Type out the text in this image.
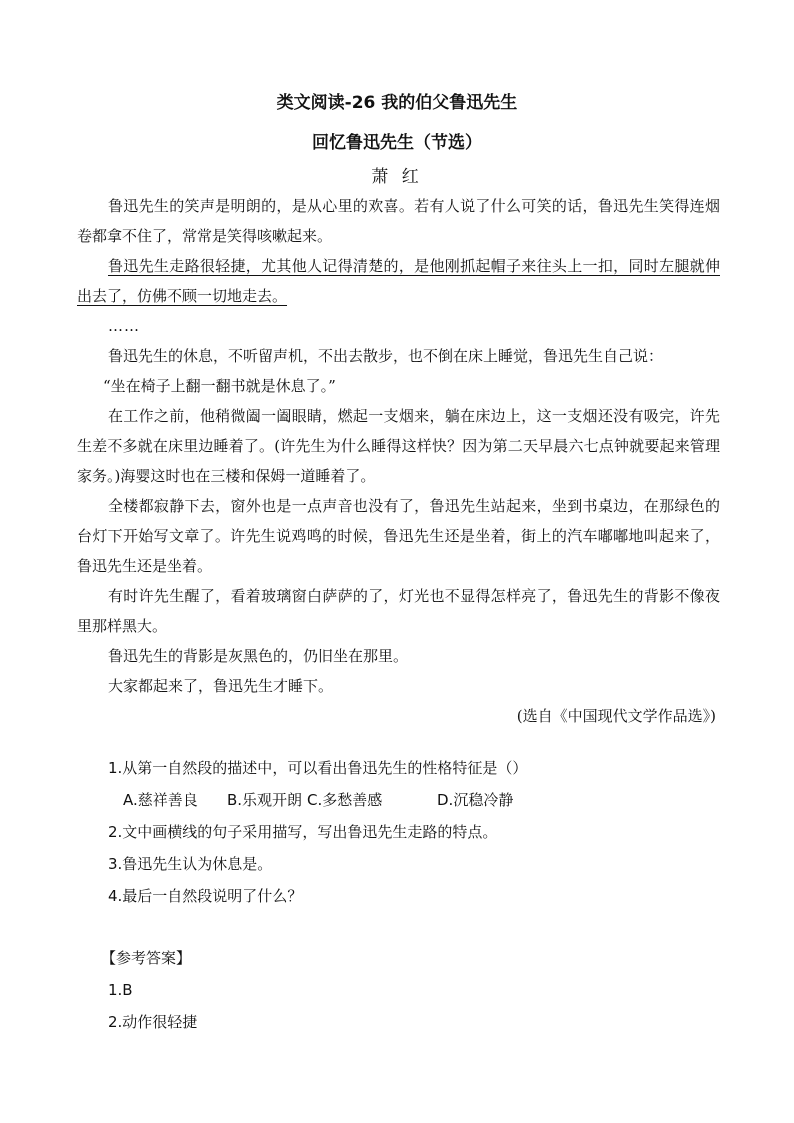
类文阅读-26 我的伯父鲁迅先生
回忆鲁迅先生（节选）
萧 红

鲁迅先生的笑声是明朗的，是从心里的欢喜。若有人说了什么可笑的话，鲁迅先生笑得连烟卷都拿不住了，常常是笑得咳嗽起来。

鲁迅先生走路很轻捷，尤其他人记得清楚的，是他刚抓起帽子来往头上一扣，同时左腿就伸出去了，仿佛不顾一切地走去。

……

鲁迅先生的休息，不听留声机，不出去散步，也不倒在床上睡觉，鲁迅先生自己说：

“坐在椅子上翻一翻书就是休息了。”

在工作之前，他稍微阖一阖眼睛，燃起一支烟来，躺在床边上，这一支烟还没有吸完，许先生差不多就在床里边睡着了。(许先生为什么睡得这样快？因为第二天早晨六七点钟就要起来管理家务。)海婴这时也在三楼和保姆一道睡着了。

全楼都寂静下去，窗外也是一点声音也没有了，鲁迅先生站起来，坐到书桌边，在那绿色的台灯下开始写文章了。许先生说鸡鸣的时候，鲁迅先生还是坐着，街上的汽车嘟嘟地叫起来了，鲁迅先生还是坐着。

有时许先生醒了，看着玻璃窗白萨萨的了，灯光也不显得怎样亮了，鲁迅先生的背影不像夜里那样黑大。

鲁迅先生的背影是灰黑色的，仍旧坐在那里。

大家都起来了，鲁迅先生才睡下。

(选自《中国现代文学作品选》)

1.从第一自然段的描述中，可以看出鲁迅先生的性格特征是（）

A.慈祥善良 B.乐观开朗 C.多愁善感	D.沉稳冷静

2.文中画横线的句子采用描写，写出鲁迅先生走路的特点。

3.鲁迅先生认为休息是。

4.最后一自然段说明了什么？

【参考答案】

1.B

2.动作很轻捷
